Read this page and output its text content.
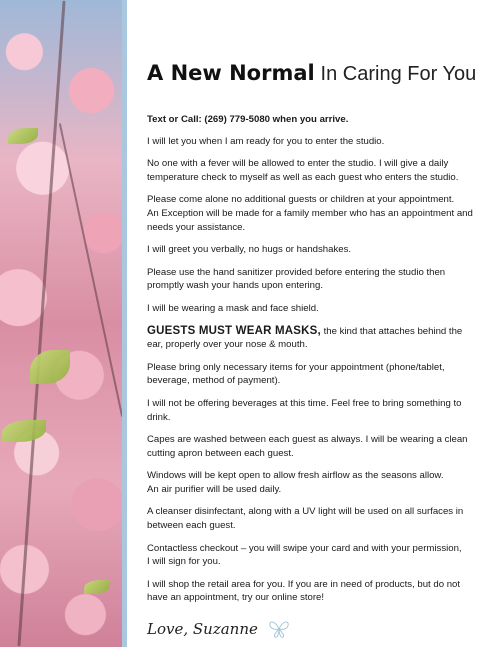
A New Normal In Caring For You

Text or Call: (269) 779-5080 when you arrive.

I will let you when I am ready for you to enter the studio.

No one with a fever will be allowed to enter the studio. I will give a daily temperature check to myself as well as each guest who enters the studio.

Please come alone no additional guests or children at your appointment.
An Exception will be made for a family member who has an appointment and needs your assistance.

I will greet you verbally, no hugs or handshakes.

Please use the hand sanitizer provided before entering the studio then promptly wash your hands upon entering.

I will be wearing a mask and face shield.

GUESTS MUST WEAR MASKS, the kind that attaches behind the ear, properly over your nose & mouth.

Please bring only necessary items for your appointment (phone/tablet, beverage, method of payment).

I will not be offering beverages at this time. Feel free to bring something to drink.

Capes are washed between each guest as always. I will be wearing a clean cutting apron between each guest.

Windows will be kept open to allow fresh airflow as the seasons allow.
An air purifier will be used daily.

A cleanser disinfectant, along with a UV light will be used on all surfaces in between each guest.

Contactless checkout – you will swipe your card and with your permission,
I will sign for you.

I will shop the retail area for you. If you are in need of products, but do not have an appointment, try our online store!

Love, Suzanne
